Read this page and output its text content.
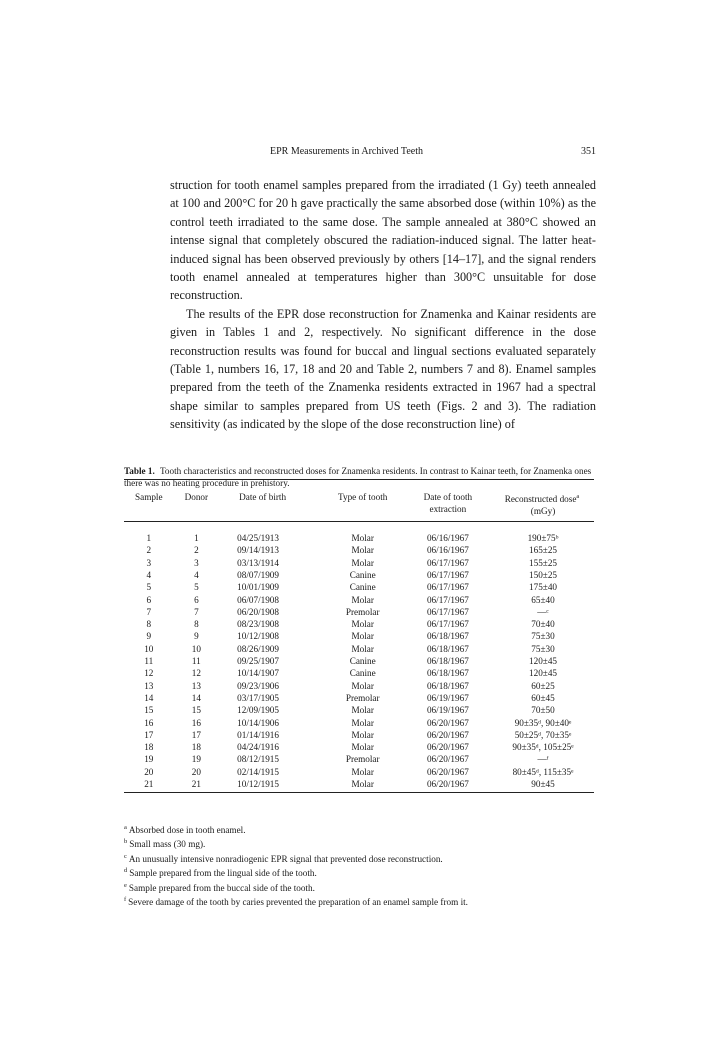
EPR Measurements in Archived Teeth	351

struction for tooth enamel samples prepared from the irradiated (1 Gy) teeth annealed at 100 and 200°C for 20 h gave practically the same absorbed dose (within 10%) as the control teeth irradiated to the same dose. The sample annealed at 380°C showed an intense signal that completely obscured the radiation-induced signal. The latter heat-induced signal has been observed previously by others [14–17], and the signal renders tooth enamel annealed at temperatures higher than 300°C unsuitable for dose reconstruction.

The results of the EPR dose reconstruction for Znamenka and Kainar residents are given in Tables 1 and 2, respectively. No significant difference in the dose reconstruction results was found for buccal and lingual sections evaluated separately (Table 1, numbers 16, 17, 18 and 20 and Table 2, numbers 7 and 8). Enamel samples prepared from the teeth of the Znamenka residents extracted in 1967 had a spectral shape similar to samples prepared from US teeth (Figs. 2 and 3). The radiation sensitivity (as indicated by the slope of the dose reconstruction line) of

Table 1. Tooth characteristics and reconstructed doses for Znamenka residents. In contrast to Kainar teeth, for Znamenka ones there was no heating procedure in prehistory.
Sample	Donor	Date of birth	Type of tooth	Date of tooth
extraction	Reconstructed dose$^a$
(mGy)
1	1	04/25/1913	Molar	06/16/1967	190±75ᵇ
2	2	09/14/1913	Molar	06/16/1967	165±25
3	3	03/13/1914	Molar	06/17/1967	155±25
4	4	08/07/1909	Canine	06/17/1967	150±25
5	5	10/01/1909	Canine	06/17/1967	175±40
6	6	06/07/1908	Molar	06/17/1967	65±40
7	7	06/20/1908	Premolar	06/17/1967	—ᶜ
8	8	08/23/1908	Molar	06/17/1967	70±40
9	9	10/12/1908	Molar	06/18/1967	75±30
10	10	08/26/1909	Molar	06/18/1967	75±30
11	11	09/25/1907	Canine	06/18/1967	120±45
12	12	10/14/1907	Canine	06/18/1967	120±45
13	13	09/23/1906	Molar	06/18/1967	60±25
14	14	03/17/1905	Premolar	06/19/1967	60±45
15	15	12/09/1905	Molar	06/19/1967	70±50
16	16	10/14/1906	Molar	06/20/1967	90±35ᵈ, 90±40ᵉ
17	17	01/14/1916	Molar	06/20/1967	50±25ᵈ, 70±35ᵉ
18	18	04/24/1916	Molar	06/20/1967	90±35ᵈ, 105±25ᵉ
19	19	08/12/1915	Premolar	06/20/1967	—ᶠ
20	20	02/14/1915	Molar	06/20/1967	80±45ᵈ, 115±35ᵉ
21	21	10/12/1915	Molar	06/20/1967	90±45
$^a$ Absorbed dose in tooth enamel.
$^b$ Small mass (30 mg).
$^c$ An unusually intensive nonradiogenic EPR signal that prevented dose reconstruction.
$^d$ Sample prepared from the lingual side of the tooth.
$^e$ Sample prepared from the buccal side of the tooth.
$^f$ Severe damage of the tooth by caries prevented the preparation of an enamel sample from it.
